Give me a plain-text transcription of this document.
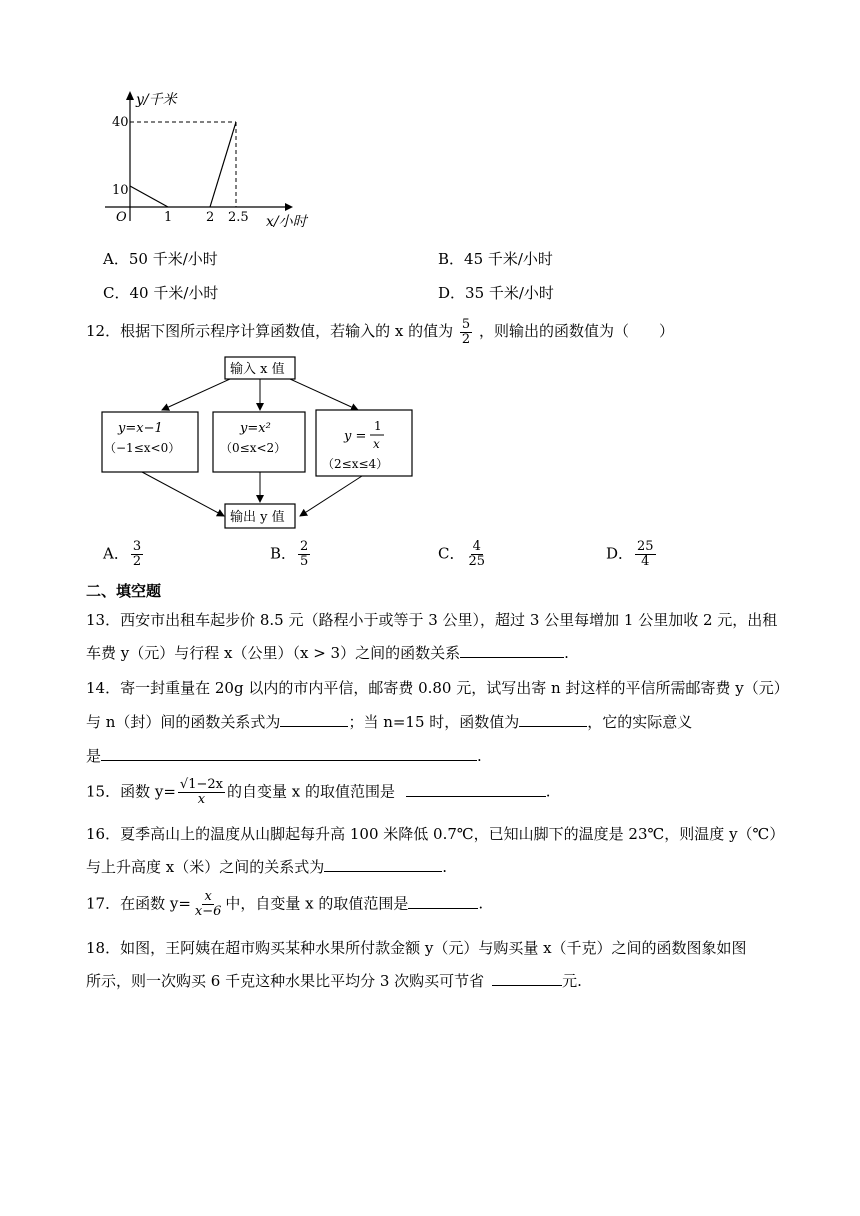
y/千米
x/小时
O
40
10
1	2 2.5
A．50 千米/小时	B．45 千米/小时
C．40 千米/小时	D．35 千米/小时
12．根据下图所示程序计算函数值，若输入的 x 的值为 $\frac{5}{2}$ ，则输出的函数值为（　　）
输入 x 值
y=x−1
（−1≤x<0）
y=x²
（0≤x<2）
y =
1
x
（2≤x≤4）
输出 y 值
A． $\frac{3}{2}$	B． $\frac{2}{5}$	C． $\frac{4}{25}$	D． $\frac{25}{4}$
二、填空题
13．西安市出租车起步价 8.5 元（路程小于或等于 3 公里），超过 3 公里每增加 1 公里加收 2 元，出租
车费 y（元）与行程 x（公里）（x > 3）之间的函数关系	.
14．寄一封重量在 20g 以内的市内平信，邮寄费 0.80 元，试写出寄 n 封这样的平信所需邮寄费 y（元）
与 n（封）间的函数关系式为	；当 n=15 时，函数值为	，它的实际意义
是	.
15．函数 $y= \frac{√1-2x}{x}$ 的自变量 x 的取值范围是	.
16．夏季高山上的温度从山脚起每升高 100 米降低 0.7℃，已知山脚下的温度是 23℃，则温度 y（℃）
与上升高度 x（米）之间的关系式为	.
17．在函数 $y= \frac{x}{x-6}$ 中，自变量 x 的取值范围是	.
18．如图，王阿姨在超市购买某种水果所付款金额 y（元）与购买量 x（千克）之间的函数图象如图
所示，则一次购买 6 千克这种水果比平均分 3 次购买可节省	元.
